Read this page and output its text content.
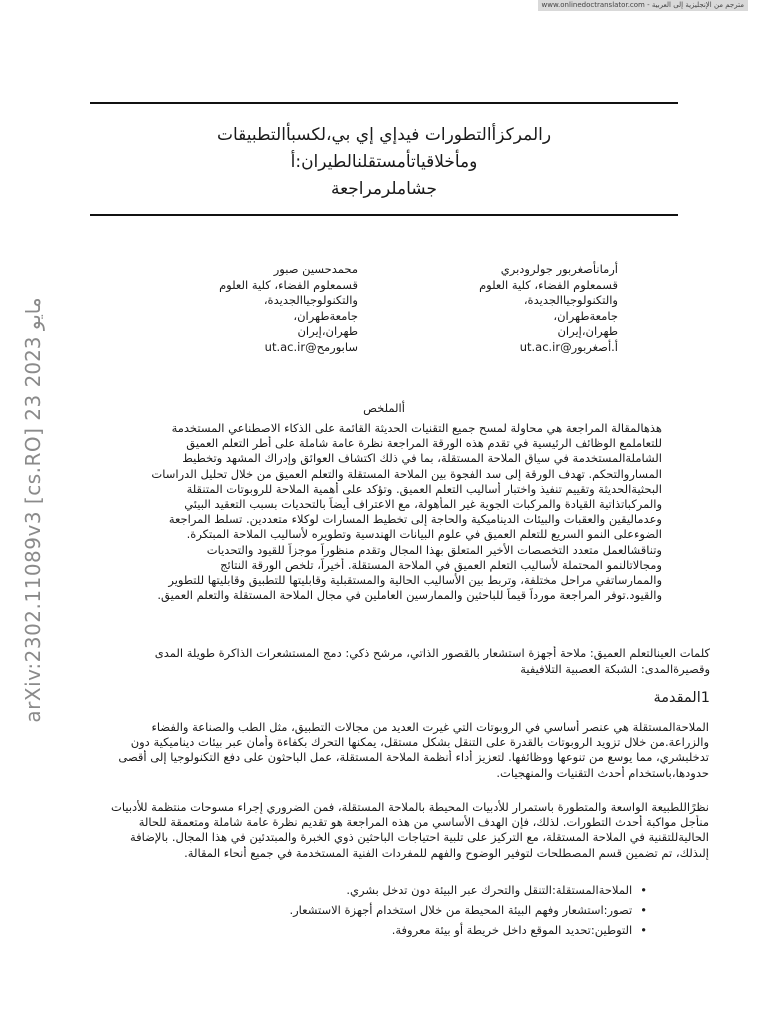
www.onlinedoctranslator.com - مترجم من الإنجليزية إلى العربية
arXiv:2302.11089v3 [cs.RO] 23 مايو 2023
رالمركزأالتطورات فيدإي إي بي،لكسبأالتطبيقات
ومأخلاقياتأمستقلنالطيران:أ
جشاملرمراجعة
أرمانأصغربور جولرودبري
قسمعلوم الفضاء، كلية العلوم
والتكنولوجياالجديدة،
جامعةطهران،
طهران،إيران
أ.أصغربور@ut.ac.ir
محمدحسين صبور
قسمعلوم الفضاء، كلية العلوم
والتكنولوجياالجديدة،
جامعةطهران،
طهران،إيران
سابورمح@ut.ac.ir
أالملخص
هذهالمقالة المراجعة هي محاولة لمسح جميع التقنيات الحديثة القائمة على الذكاء الاصطناعي المستخدمة
للتعاملمع الوظائف الرئيسية في تقدم هذه الورقة المراجعة نظرة عامة شاملة على أطر التعلم العميق
الشاملةالمستخدمة في سياق الملاحة المستقلة، بما في ذلك اكتشاف العوائق وإدراك المشهد وتخطيط
المساروالتحكم. تهدف الورقة إلى سد الفجوة بين الملاحة المستقلة والتعلم العميق من خلال تحليل الدراسات
البحثيةالحديثة وتقييم تنفيذ واختبار أساليب التعلم العميق. وتؤكد على أهمية الملاحة للروبوتات المتنقلة
والمركباتذاتية القيادة والمركبات الجوية غير المأهولة، مع الاعتراف أيضاً بالتحديات بسبب التعقيد البيئي
وعدماليقين والعقبات والبيئات الديناميكية والحاجة إلى تخطيط المسارات لوكلاء متعددين. تسلط المراجعة
الضوءعلى النمو السريع للتعلم العميق في علوم البيانات الهندسية وتطويره لأساليب الملاحة المبتكرة.
وتناقشالعمل متعدد التخصصات الأخير المتعلق بهذا المجال وتقدم منظوراً موجزاً للقيود والتحديات
ومجالاتالنمو المحتملة لأساليب التعلم العميق في الملاحة المستقلة. أخيراً، تلخص الورقة النتائج
والممارساتفي مراحل مختلفة، وتربط بين الأساليب الحالية والمستقبلية وقابليتها للتطبيق وقابليتها للتطوير
والقيود.توفر المراجعة مورداً قيماً للباحثين والممارسين العاملين في مجال الملاحة المستقلة والتعلم العميق.
كلمات العينالتعلم العميق: ملاحة أجهزة استشعار بالقصور الذاتي، مرشح ذكي: دمج المستشعرات الذاكرة طويلة المدى
وقصيرةالمدى: الشبكة العصبية التلافيفية
1المقدمة
الملاحةالمستقلة هي عنصر أساسي في الروبوتات التي غيرت العديد من مجالات التطبيق، مثل الطب والصناعة والفضاء
والزراعة.من خلال تزويد الروبوتات بالقدرة على التنقل بشكل مستقل، يمكنها التحرك بكفاءة وأمان عبر بيئات ديناميكية دون
تدخلبشري، مما يوسع من تنوعها ووظائفها. لتعزيز أداء أنظمة الملاحة المستقلة، عمل الباحثون على دفع التكنولوجيا إلى أقصى
حدودها،باستخدام أحدث التقنيات والمنهجيات.
نظرًاللطبيعة الواسعة والمتطورة باستمرار للأدبيات المحيطة بالملاحة المستقلة، فمن الضروري إجراء مسوحات منتظمة للأدبيات
منأجل مواكبة أحدث التطورات. لذلك، فإن الهدف الأساسي من هذه المراجعة هو تقديم نظرة عامة شاملة ومتعمقة للحالة
الحاليةللتقنية في الملاحة المستقلة، مع التركيز على تلبية احتياجات الباحثين ذوي الخبرة والمبتدئين في هذا المجال. بالإضافة
إلىذلك، تم تضمين قسم المصطلحات لتوفير الوضوح والفهم للمفردات الفنية المستخدمة في جميع أنحاء المقالة.
• الملاحةالمستقلة:التنقل والتحرك عبر البيئة دون تدخل بشري.
• تصور:استشعار وفهم البيئة المحيطة من خلال استخدام أجهزة الاستشعار.
• التوطين:تحديد الموقع داخل خريطة أو بيئة معروفة.
